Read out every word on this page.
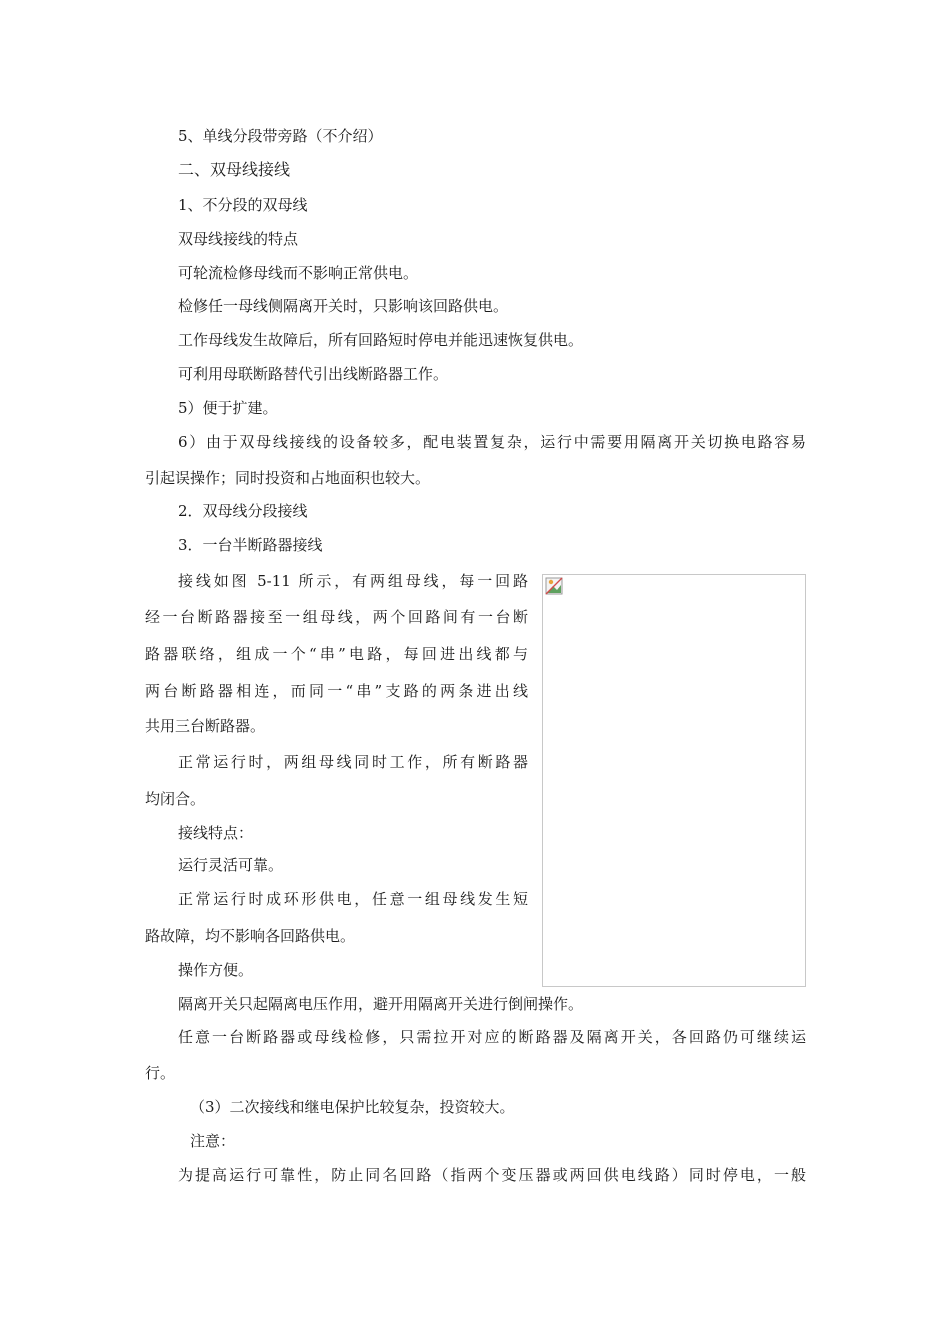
5、单线分段带旁路（不介绍）
二、双母线接线
1、不分段的双母线
双母线接线的特点
可轮流检修母线而不影响正常供电。
检修任一母线侧隔离开关时，只影响该回路供电。
工作母线发生故障后，所有回路短时停电并能迅速恢复供电。
可利用母联断路替代引出线断路器工作。
5）便于扩建。
6）由于双母线接线的设备较多，配电装置复杂，运行中需要用隔离开关切换电路容易
引起误操作；同时投资和占地面积也较大。
2．双母线分段接线
3．一台半断路器接线
接线如图 5-11 所示，有两组母线，每一回路
经一台断路器接至一组母线，两个回路间有一台断
路器联络，组成一个“串”电路，每回进出线都与
两台断路器相连，而同一“串”支路的两条进出线
共用三台断路器。
正常运行时，两组母线同时工作，所有断路器
均闭合。
接线特点：
运行灵活可靠。
正常运行时成环形供电，任意一组母线发生短
路故障，均不影响各回路供电。
操作方便。
隔离开关只起隔离电压作用，避开用隔离开关进行倒闸操作。
任意一台断路器或母线检修，只需拉开对应的断路器及隔离开关，各回路仍可继续运
行。
（3）二次接线和继电保护比较复杂，投资较大。
注意：
为提高运行可靠性，防止同名回路（指两个变压器或两回供电线路）同时停电，一般
